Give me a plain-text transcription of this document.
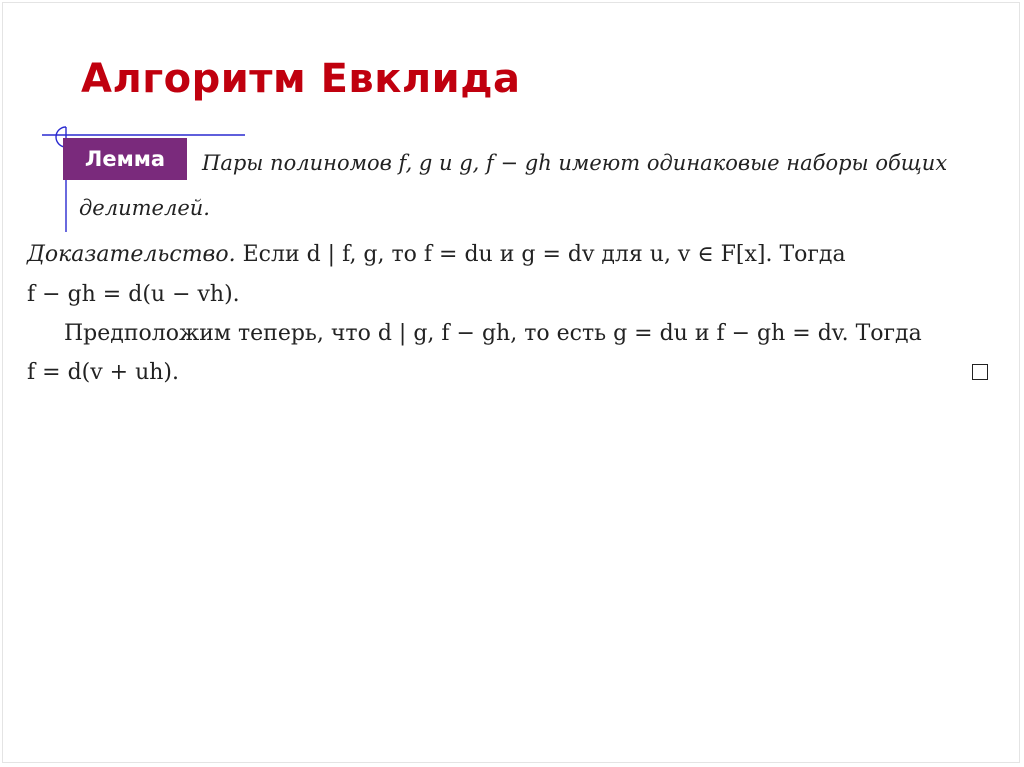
Алгоритм Евклида
Лемма	Пары полиномов f, g и g, f − gh имеют одинаковые наборы общих
делителей.
Доказательство. Если d | f, g, то f = du и g = dv для u, v ∈ F[x]. Тогда
f − gh = d(u − vh).
Предположим теперь, что d | g, f − gh, то есть g = du и f − gh = dv. Тогда
f = d(v + uh).
